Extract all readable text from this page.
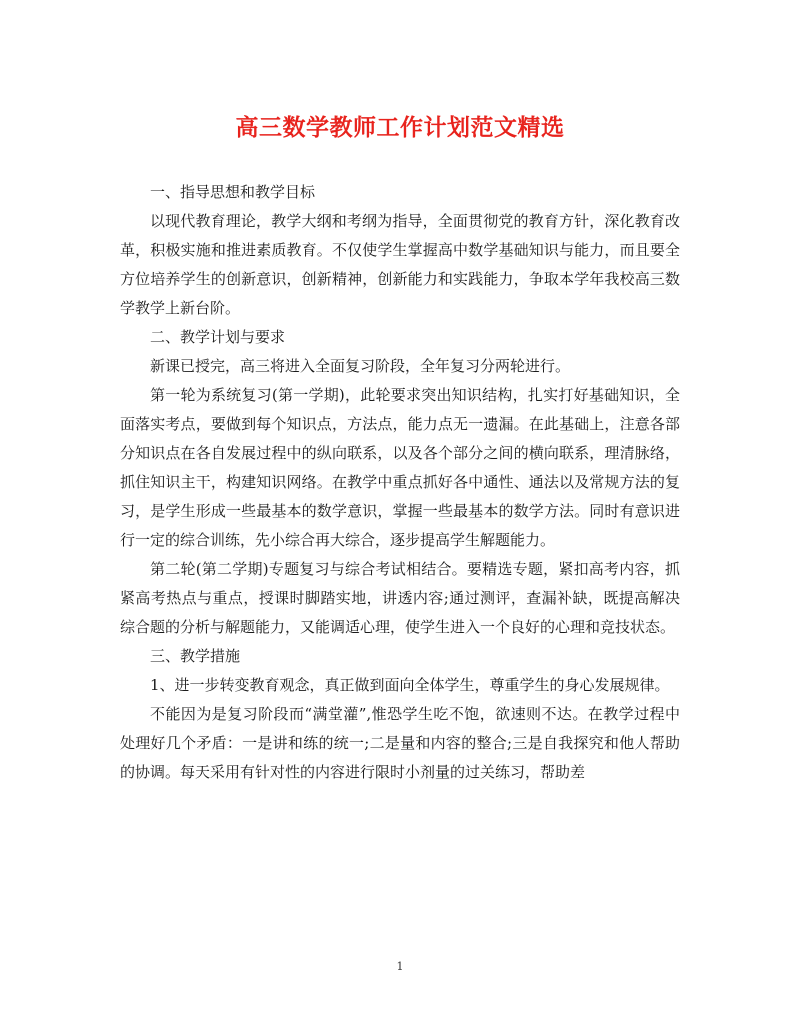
高三数学教师工作计划范文精选

一、指导思想和教学目标

以现代教育理论，教学大纲和考纲为指导，全面贯彻党的教育方针，深化教育改革，积极实施和推进素质教育。不仅使学生掌握高中数学基础知识与能力，而且要全方位培养学生的创新意识，创新精神，创新能力和实践能力，争取本学年我校高三数学教学上新台阶。

二、教学计划与要求

新课已授完，高三将进入全面复习阶段，全年复习分两轮进行。

第一轮为系统复习(第一学期)，此轮要求突出知识结构，扎实打好基础知识，全面落实考点，要做到每个知识点，方法点，能力点无一遗漏。在此基础上，注意各部分知识点在各自发展过程中的纵向联系，以及各个部分之间的横向联系，理清脉络，抓住知识主干，构建知识网络。在教学中重点抓好各中通性、通法以及常规方法的复习，是学生形成一些最基本的数学意识，掌握一些最基本的数学方法。同时有意识进行一定的综合训练，先小综合再大综合，逐步提高学生解题能力。

第二轮(第二学期)专题复习与综合考试相结合。要精选专题，紧扣高考内容，抓紧高考热点与重点，授课时脚踏实地，讲透内容;通过测评，查漏补缺，既提高解决综合题的分析与解题能力，又能调适心理，使学生进入一个良好的心理和竞技状态。

三、教学措施

1、进一步转变教育观念，真正做到面向全体学生，尊重学生的身心发展规律。

不能因为是复习阶段而“满堂灌”,惟恐学生吃不饱，欲速则不达。在教学过程中处理好几个矛盾：一是讲和练的统一;二是量和内容的整合;三是自我探究和他人帮助的协调。每天采用有针对性的内容进行限时小剂量的过关练习，帮助差

1
